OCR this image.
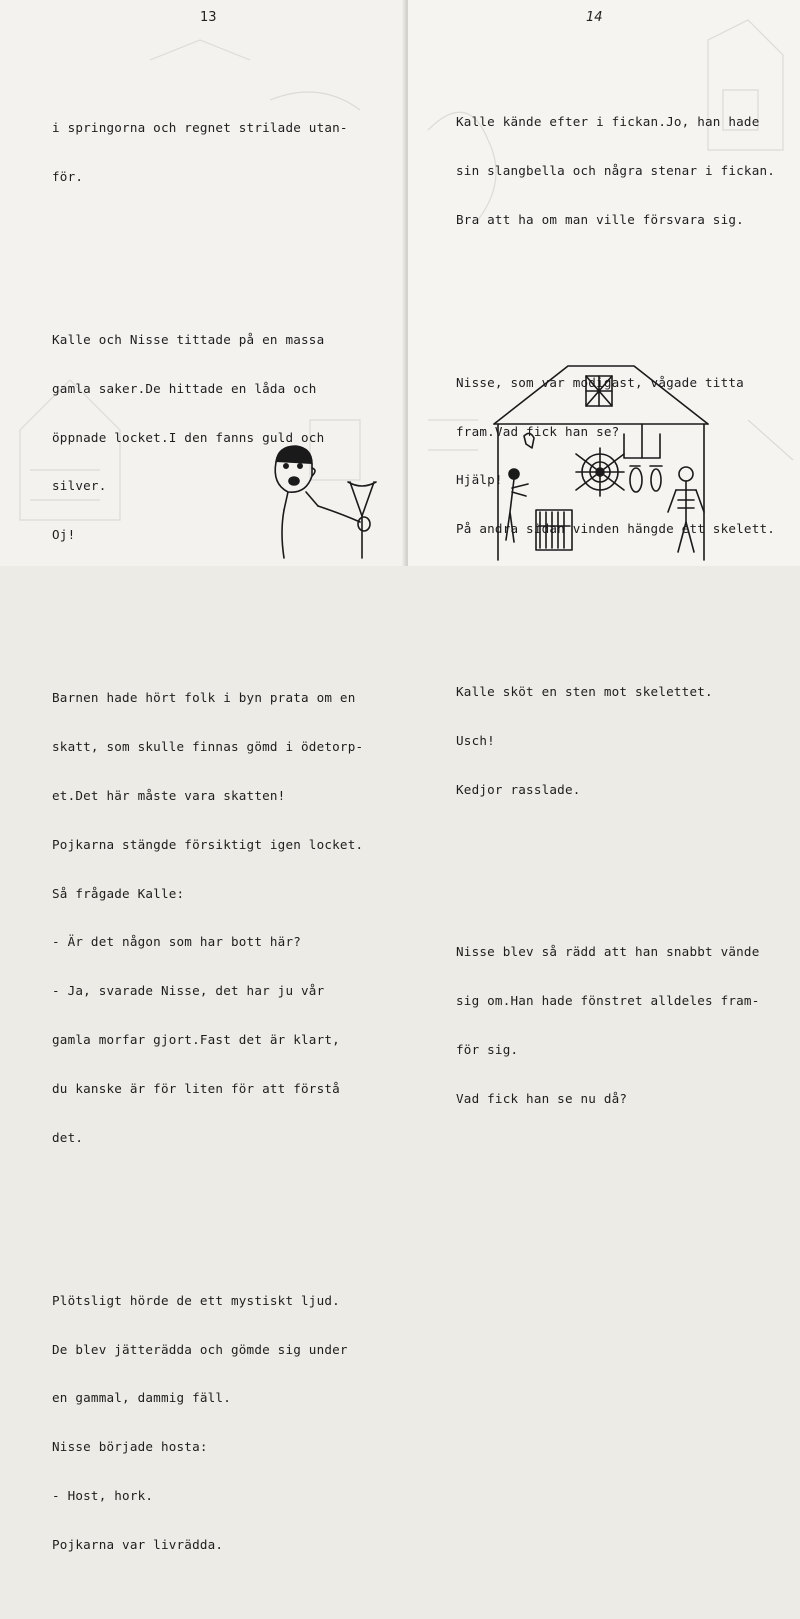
13

i springorna och regnet strilade utan-

för.

Kalle och Nisse tittade på en massa

gamla saker.De hittade en låda och

öppnade locket.I den fanns guld och

silver.

Oj!

Barnen hade hört folk i byn prata om en

skatt, som skulle finnas gömd i ödetorp-

et.Det här måste vara skatten!

Pojkarna stängde försiktigt igen locket.

Så frågade Kalle:

- Är det någon som har bott här?

- Ja, svarade Nisse, det har ju vår

gamla morfar gjort.Fast det är klart,

du kanske är för liten för att förstå

det.

Plötsligt hörde de ett mystiskt ljud.

De blev jätterädda och gömde sig under

en gammal, dammig fäll.

Nisse började hosta:

- Host, hork.

Pojkarna var livrädda.

14

Kalle kände efter i fickan.Jo, han hade

sin slangbella och några stenar i fickan.

Bra att ha om man ville försvara sig.

Nisse, som var modigast, vågade titta

fram.Vad fick han se?

Hjälp!

På andra sidan vinden hängde ett skelett.

Kalle sköt en sten mot skelettet.

Usch!

Kedjor rasslade.

Nisse blev så rädd att han snabbt vände

sig om.Han hade fönstret alldeles fram-

för sig.

Vad fick han se nu då?
